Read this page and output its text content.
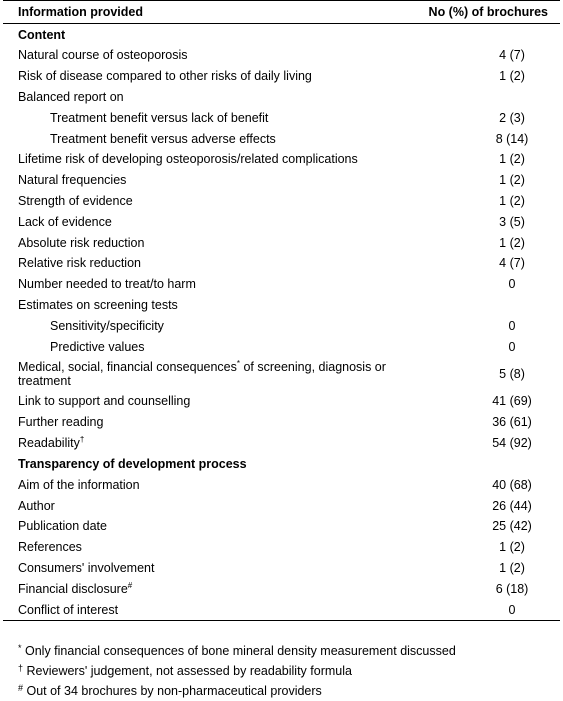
Information provided	No (%) of brochures
Content	
Natural course of osteoporosis	4 (7)
Risk of disease compared to other risks of daily living	1 (2)
Balanced report on	
Treatment benefit versus lack of benefit	2 (3)
Treatment benefit versus adverse effects	8 (14)
Lifetime risk of developing osteoporosis/related complications	1 (2)
Natural frequencies	1 (2)
Strength of evidence	1 (2)
Lack of evidence	3 (5)
Absolute risk reduction	1 (2)
Relative risk reduction	4 (7)
Number needed to treat/to harm	0
Estimates on screening tests	
Sensitivity/specificity	0
Predictive values	0
Medical, social, financial consequences* of screening, diagnosis or treatment	5 (8)
Link to support and counselling	41 (69)
Further reading	36 (61)
Readability†	54 (92)
Transparency of development process	
Aim of the information	40 (68)
Author	26 (44)
Publication date	25 (42)
References	1 (2)
Consumers' involvement	1 (2)
Financial disclosure#	6 (18)
Conflict of interest	0
* Only financial consequences of bone mineral density measurement discussed
† Reviewers' judgement, not assessed by readability formula
# Out of 34 brochures by non-pharmaceutical providers
